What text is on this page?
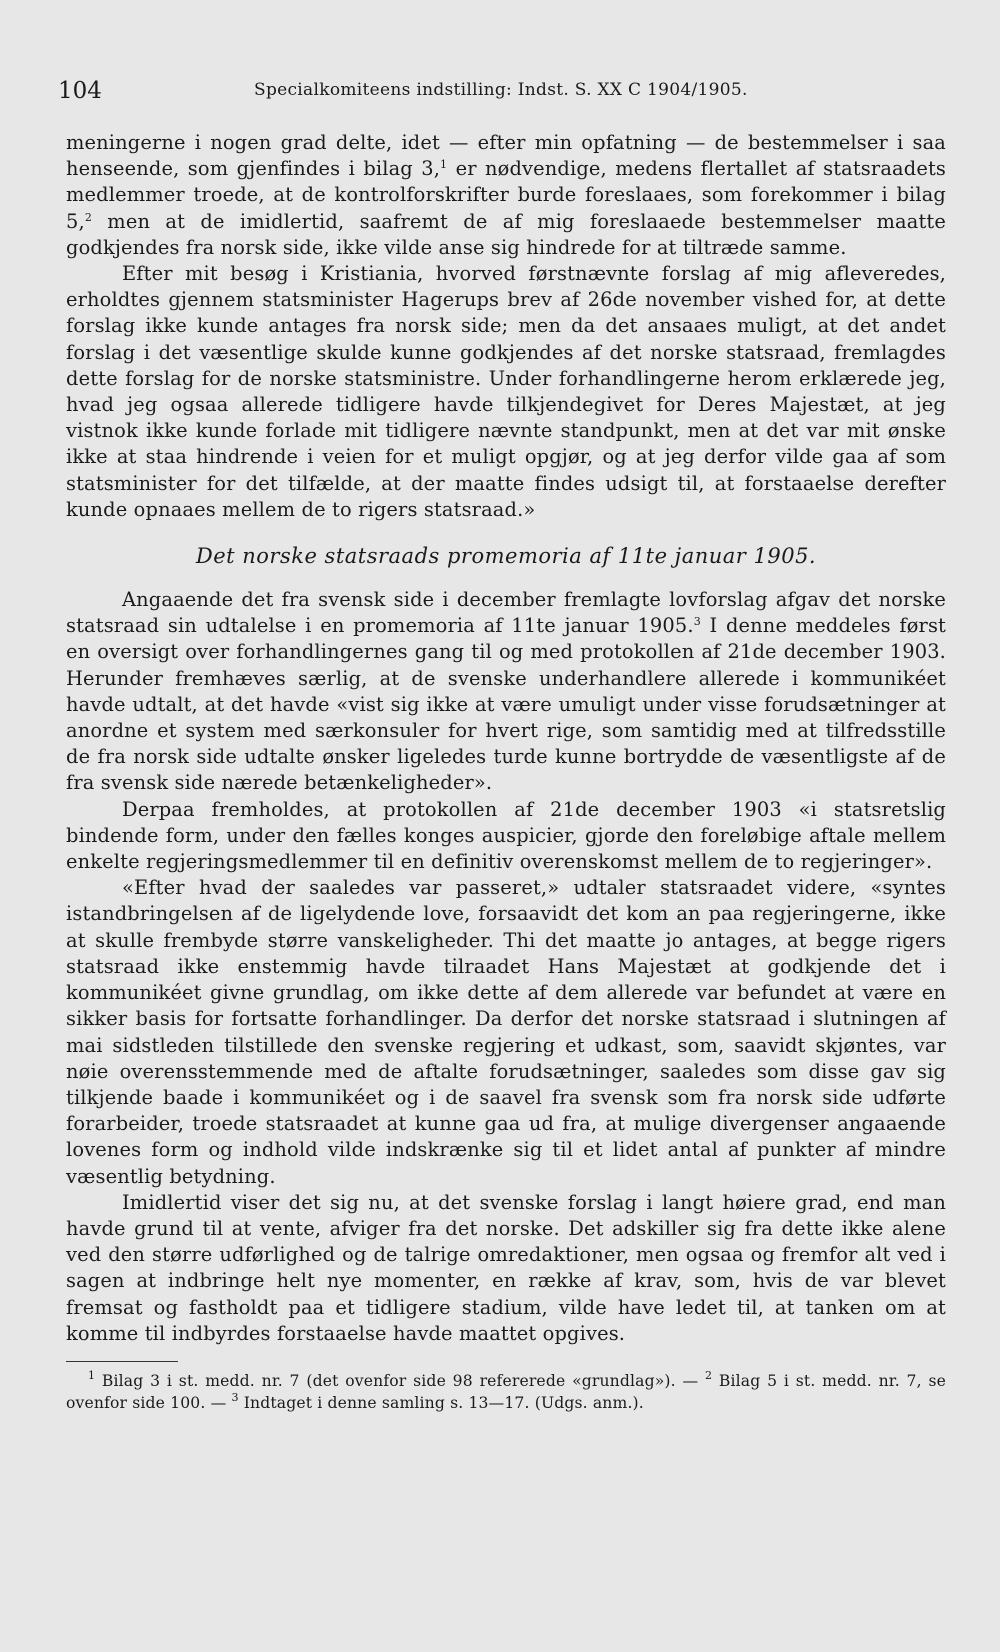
104	Specialkomiteens indstilling: Indst. S. XX C 1904/1905.

meningerne i nogen grad delte, idet — efter min opfatning — de bestemmelser i saa henseende, som gjenfindes i bilag 3,$^1$ er nødvendige, medens flertallet af statsraadets medlemmer troede, at de kontrolforskrifter burde foreslaaes, som forekommer i bilag 5,$^2$ men at de imidlertid, saafremt de af mig foreslaaede bestemmelser maatte godkjendes fra norsk side, ikke vilde anse sig hindrede for at tiltræde samme.

Efter mit besøg i Kristiania, hvorved førstnævnte forslag af mig afleveredes, erholdtes gjennem statsminister Hagerups brev af 26de november vished for, at dette forslag ikke kunde antages fra norsk side; men da det ansaaes muligt, at det andet forslag i det væsentlige skulde kunne godkjendes af det norske statsraad, fremlagdes dette forslag for de norske statsministre. Under forhandlingerne herom erklærede jeg, hvad jeg ogsaa allerede tidligere havde tilkjendegivet for Deres Majestæt, at jeg vistnok ikke kunde forlade mit tidligere nævnte standpunkt, men at det var mit ønske ikke at staa hindrende i veien for et muligt opgjør, og at jeg derfor vilde gaa af som statsminister for det tilfælde, at der maatte findes udsigt til, at forstaaelse derefter kunde opnaaes mellem de to rigers statsraad.»

Det norske statsraads promemoria af 11te januar 1905.

Angaaende det fra svensk side i december fremlagte lovforslag afgav det norske statsraad sin udtalelse i en promemoria af 11te januar 1905.$^3$ I denne meddeles først en oversigt over forhandlingernes gang til og med protokollen af 21de december 1903. Herunder fremhæves særlig, at de svenske underhandlere allerede i kommunikéet havde udtalt, at det havde «vist sig ikke at være umuligt under visse forudsætninger at anordne et system med særkonsuler for hvert rige, som samtidig med at tilfredsstille de fra norsk side udtalte ønsker ligeledes turde kunne bortrydde de væsentligste af de fra svensk side nærede betænkeligheder».

Derpaa fremholdes, at protokollen af 21de december 1903 «i statsretslig bindende form, under den fælles konges auspicier, gjorde den foreløbige aftale mellem enkelte regjeringsmedlemmer til en definitiv overenskomst mellem de to regjeringer».

«Efter hvad der saaledes var passeret,» udtaler statsraadet videre, «syntes istandbringelsen af de ligelydende love, forsaavidt det kom an paa regjeringerne, ikke at skulle frembyde større vanskeligheder. Thi det maatte jo antages, at begge rigers statsraad ikke enstemmig havde tilraadet Hans Majestæt at godkjende det i kommunikéet givne grundlag, om ikke dette af dem allerede var befundet at være en sikker basis for fortsatte forhandlinger. Da derfor det norske statsraad i slutningen af mai sidstleden tilstillede den svenske regjering et udkast, som, saavidt skjøntes, var nøie overensstemmende med de aftalte forudsætninger, saaledes som disse gav sig tilkjende baade i kommunikéet og i de saavel fra svensk som fra norsk side udførte forarbeider, troede statsraadet at kunne gaa ud fra, at mulige divergenser angaaende lovenes form og indhold vilde indskrænke sig til et lidet antal af punkter af mindre væsentlig betydning.

Imidlertid viser det sig nu, at det svenske forslag i langt høiere grad, end man havde grund til at vente, afviger fra det norske. Det adskiller sig fra dette ikke alene ved den større udførlighed og de talrige omredaktioner, men ogsaa og fremfor alt ved i sagen at indbringe helt nye momenter, en række af krav, som, hvis de var blevet fremsat og fastholdt paa et tidligere stadium, vilde have ledet til, at tanken om at komme til indbyrdes forstaaelse havde maattet opgives.

$^1$ Bilag 3 i st. medd. nr. 7 (det ovenfor side 98 refererede «grundlag»). — $^2$ Bilag 5 i st. medd. nr. 7, se ovenfor side 100. — $^3$ Indtaget i denne samling s. 13—17. (Udgs. anm.).
